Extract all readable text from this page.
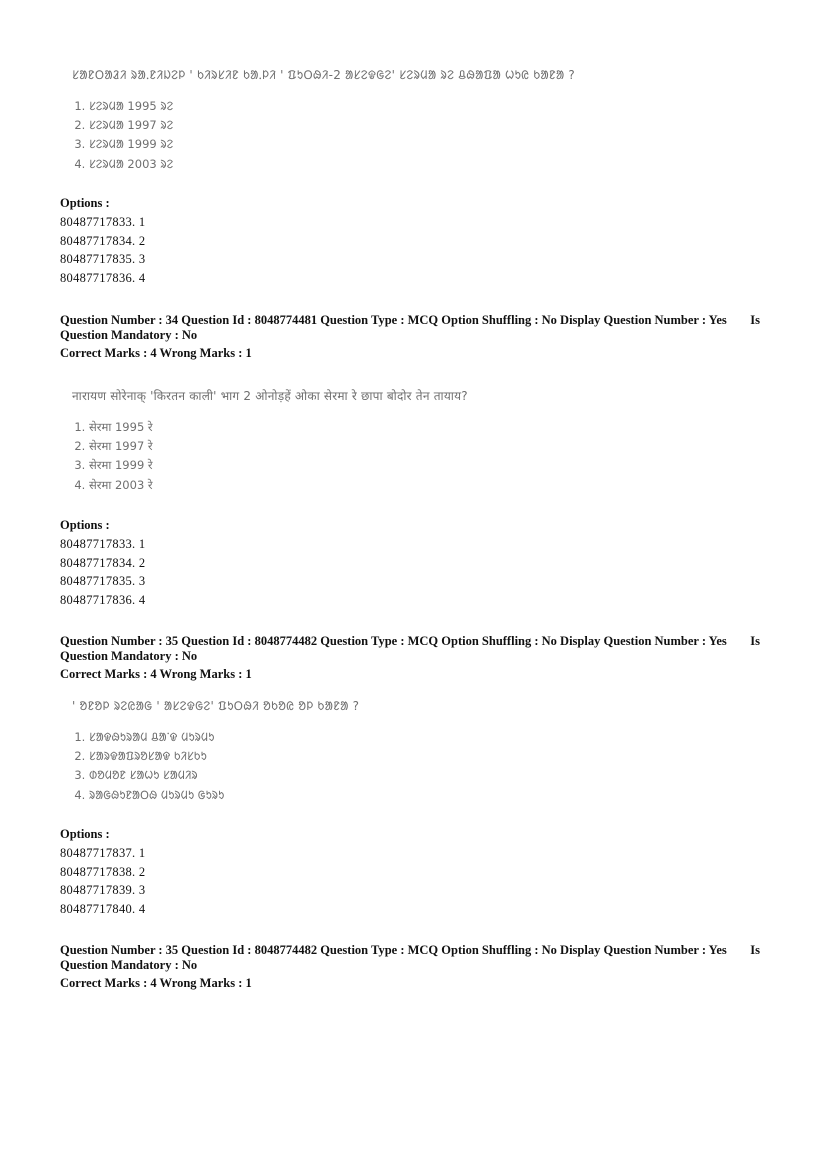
ᱥᱟᱱᱛᱟᱲᱤ ᱨᱟᱹᱱᱤᱡᱮᱞ ' ᱠᱤᱨᱥᱤᱱ ᱠᱟᱹᱞᱤ ' ᱯᱩᱛᱷᱤ-2 ᱟᱥᱮᱫᱜᱮ' ᱥᱮᱨᱢᱟ ᱨᱮ ᱪᱷᱟᱯᱟ ᱦᱩᱭ ᱠᱟᱱᱟ ?
1. ᱥᱮᱨᱢᱟ 1995 ᱨᱮ
2. ᱥᱮᱨᱢᱟ 1997 ᱨᱮ
3. ᱥᱮᱨᱢᱟ 1999 ᱨᱮ
4. ᱥᱮᱨᱢᱟ 2003 ᱨᱮ
Options :
80487717833. 1
80487717834. 2
80487717835. 3
80487717836. 4
Question Number : 34 Question Id : 8048774481 Question Type : MCQ Option Shuffling : No Display Question Number : Yes Is
Question Mandatory : No
Correct Marks : 4 Wrong Marks : 1
नारायण सोरेनाक् 'किरतन काली' भाग 2 ओनोड़हें ओका सेरमा रे छापा बोदोर तेन तायाय?
1. सेरमा 1995 रे
2. सेरमा 1997 रे
3. सेरमा 1999 रे
4. सेरमा 2003 रे
Options :
80487717833. 1
80487717834. 2
80487717835. 3
80487717836. 4
Question Number : 35 Question Id : 8048774482 Question Type : MCQ Option Shuffling : No Display Question Number : Yes Is
Question Mandatory : No
Correct Marks : 4 Wrong Marks : 1
' ᱚᱱᱚᱞ ᱨᱮᱭᱟᱜ ' ᱟᱥᱮᱫᱜᱮ' ᱯᱩᱛᱷᱤ ᱚᱠᱚᱭ ᱚᱞ ᱠᱟᱱᱟ ?
1. ᱥᱟᱫᱷᱩᱨᱟᱢ ᱪᱟᱸᱫ ᱢᱩᱨᱢᱩ
2. ᱥᱟᱨᱫᱟᱯᱨᱚᱥᱟᱫ ᱠᱤᱥᱠᱩ
3. ᱰᱚᱢᱚᱱ ᱥᱟᱦᱩ ᱥᱟᱢᱤᱨ
4. ᱨᱟᱜᱷᱩᱱᱟᱛᱷ ᱢᱩᱨᱢᱩ ᱜᱩᱨᱩ
Options :
80487717837. 1
80487717838. 2
80487717839. 3
80487717840. 4
Question Number : 35 Question Id : 8048774482 Question Type : MCQ Option Shuffling : No Display Question Number : Yes Is
Question Mandatory : No
Correct Marks : 4 Wrong Marks : 1
